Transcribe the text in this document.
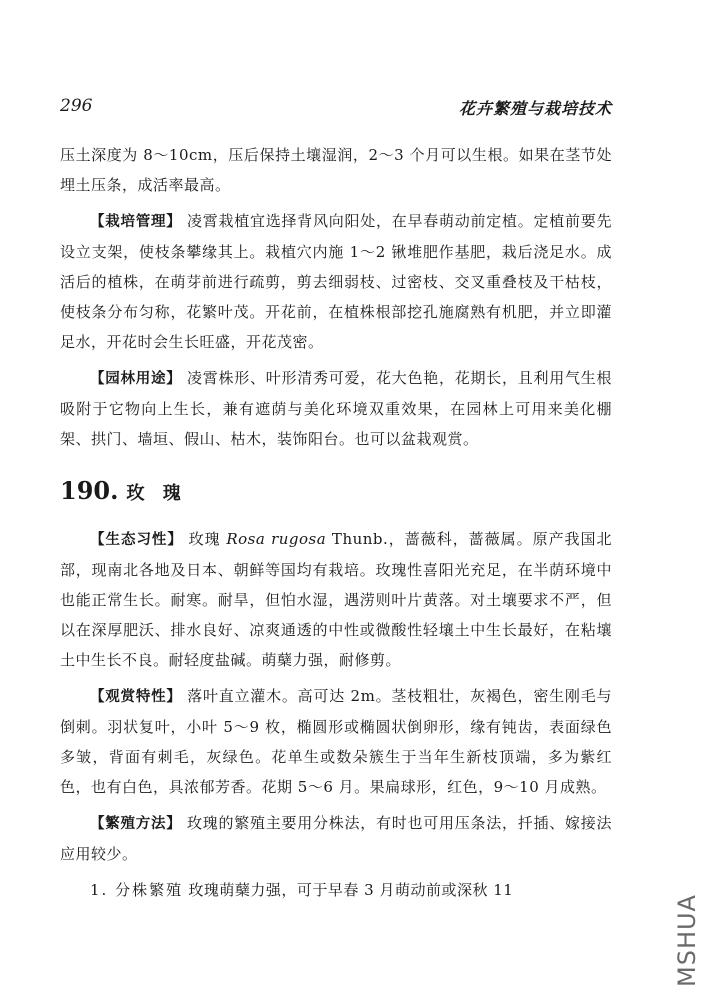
296	花卉繁殖与栽培技术

压土深度为 8～10cm，压后保持土壤湿润，2～3 个月可以生根。如果在茎节处埋土压条，成活率最高。

【栽培管理】 凌霄栽植宜选择背风向阳处，在早春萌动前定植。定植前要先设立支架，使枝条攀缘其上。栽植穴内施 1～2 锹堆肥作基肥，栽后浇足水。成活后的植株，在萌芽前进行疏剪，剪去细弱枝、过密枝、交叉重叠枝及干枯枝，使枝条分布匀称，花繁叶茂。开花前，在植株根部挖孔施腐熟有机肥，并立即灌足水，开花时会生长旺盛，开花茂密。

【园林用途】 凌霄株形、叶形清秀可爱，花大色艳，花期长，且利用气生根吸附于它物向上生长，兼有遮荫与美化环境双重效果，在园林上可用来美化棚架、拱门、墙垣、假山、枯木，装饰阳台。也可以盆栽观赏。

190. 玫 瑰

【生态习性】 玫瑰 Rosa rugosa Thunb.，蔷薇科，蔷薇属。原产我国北部，现南北各地及日本、朝鲜等国均有栽培。玫瑰性喜阳光充足，在半荫环境中也能正常生长。耐寒。耐旱，但怕水湿，遇涝则叶片黄落。对土壤要求不严，但以在深厚肥沃、排水良好、凉爽通透的中性或微酸性轻壤土中生长最好，在粘壤土中生长不良。耐轻度盐碱。萌蘖力强，耐修剪。

【观赏特性】 落叶直立灌木。高可达 2m。茎枝粗壮，灰褐色，密生刚毛与倒刺。羽状复叶，小叶 5～9 枚，椭圆形或椭圆状倒卵形，缘有钝齿，表面绿色多皱，背面有刺毛，灰绿色。花单生或数朵簇生于当年生新枝顶端，多为紫红色，也有白色，具浓郁芳香。花期 5～6 月。果扁球形，红色，9～10 月成熟。

【繁殖方法】 玫瑰的繁殖主要用分株法，有时也可用压条法，扦插、嫁接法应用较少。

1. 分株繁殖 玫瑰萌蘖力强，可于早春 3 月萌动前或深秋 11

MSHUA
